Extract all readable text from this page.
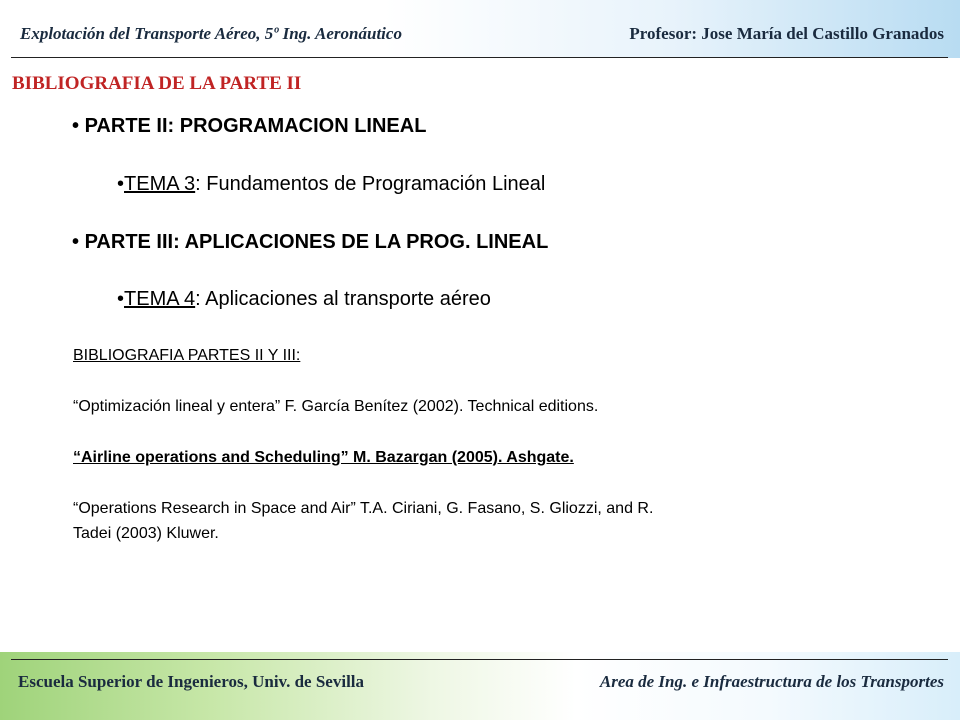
Explotación del Transporte Aéreo, 5º Ing. Aeronáutico	Profesor: Jose María del Castillo Granados
BIBLIOGRAFIA DE LA PARTE II
• PARTE II: PROGRAMACION LINEAL
•TEMA 3: Fundamentos de Programación Lineal
• PARTE III: APLICACIONES DE LA PROG. LINEAL
•TEMA 4: Aplicaciones al transporte aéreo
BIBLIOGRAFIA PARTES II Y III:
“Optimización lineal y entera” F. García Benítez (2002). Technical editions.
“Airline operations and Scheduling” M. Bazargan (2005). Ashgate.
“Operations Research in Space and Air” T.A. Ciriani, G. Fasano, S. Gliozzi, and R.
Tadei (2003) Kluwer.
Escuela Superior de Ingenieros, Univ. de Sevilla	Area de Ing. e Infraestructura de los Transportes
